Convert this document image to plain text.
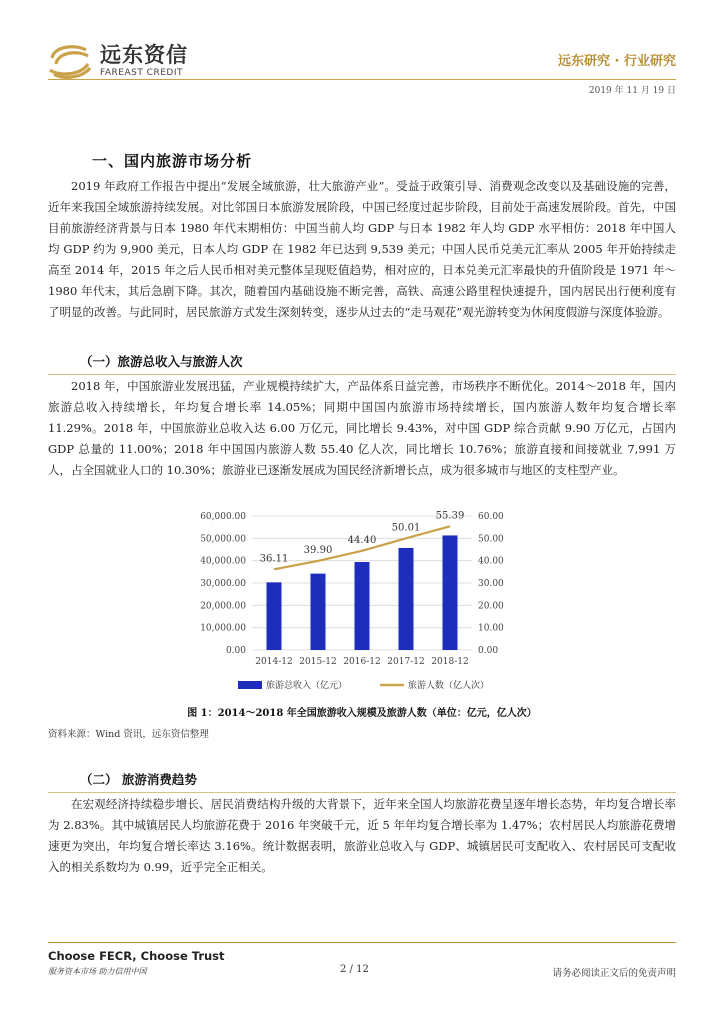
远东资信
FAREAST CREDIT
远东研究 · 行业研究
2019 年 11 月 19 日
一、国内旅游市场分析
2019 年政府工作报告中提出“发展全域旅游，壮大旅游产业”。受益于政策引导、消费观念改变以及基础设施的完善，近年来我国全域旅游持续发展。对比邻国日本旅游发展阶段，中国已经度过起步阶段，目前处于高速发展阶段。首先，中国目前旅游经济背景与日本 1980 年代末期相仿：中国当前人均 GDP 与日本 1982 年人均 GDP 水平相仿：2018 年中国人均 GDP 约为 9,900 美元，日本人均 GDP 在 1982 年已达到 9,539 美元；中国人民币兑美元汇率从 2005 年开始持续走高至 2014 年，2015 年之后人民币相对美元整体呈现贬值趋势，相对应的，日本兑美元汇率最快的升值阶段是 1971 年～1980 年代末，其后急剧下降。其次，随着国内基础设施不断完善，高铁、高速公路里程快速提升，国内居民出行便利度有了明显的改善。与此同时，居民旅游方式发生深刻转变，逐步从过去的“走马观花”观光游转变为休闲度假游与深度体验游。
（一）旅游总收入与旅游人次
2018 年，中国旅游业发展迅猛，产业规模持续扩大，产品体系日益完善，市场秩序不断优化。2014～2018 年，国内旅游总收入持续增长，年均复合增长率 14.05%；同期中国国内旅游市场持续增长，国内旅游人数年均复合增长率 11.29%。2018 年，中国旅游业总收入达 6.00 万亿元，同比增长 9.43%，对中国 GDP 综合贡献 9.90 万亿元，占国内 GDP 总量的 11.00%；2018 年中国国内旅游人数 55.40 亿人次，同比增长 10.76%；旅游直接和间接就业 7,991 万人，占全国就业人口的 10.30%；旅游业已逐渐发展成为国民经济新增长点，成为很多城市与地区的支柱型产业。
0.00	0.00
10,000.00	10.00
20,000.00	20.00
30,000.00	30.00
40,000.00	40.00
50,000.00	50.00
60,000.00	60.00
2014-12 2015-12 2016-12 2017-12 2018-12
36.11
39.90
44.40
50.01
55.39
旅游总收入（亿元）	旅游人数（亿人次）
图 1：2014～2018 年全国旅游收入规模及旅游人数（单位：亿元，亿人次）
资料来源：Wind 资讯，远东资信整理
（二） 旅游消费趋势
在宏观经济持续稳步增长、居民消费结构升级的大背景下，近年来全国人均旅游花费呈逐年增长态势，年均复合增长率为 2.83%。其中城镇居民人均旅游花费于 2016 年突破千元，近 5 年年均复合增长率为 1.47%；农村居民人均旅游花费增速更为突出，年均复合增长率达 3.16%。统计数据表明，旅游业总收入与 GDP、城镇居民可支配收入、农村居民可支配收入的相关系数均为 0.99，近乎完全正相关。
Choose FECR, Choose Trust
服务资本市场 助力信用中国	2 / 12	请务必阅读正文后的免责声明
